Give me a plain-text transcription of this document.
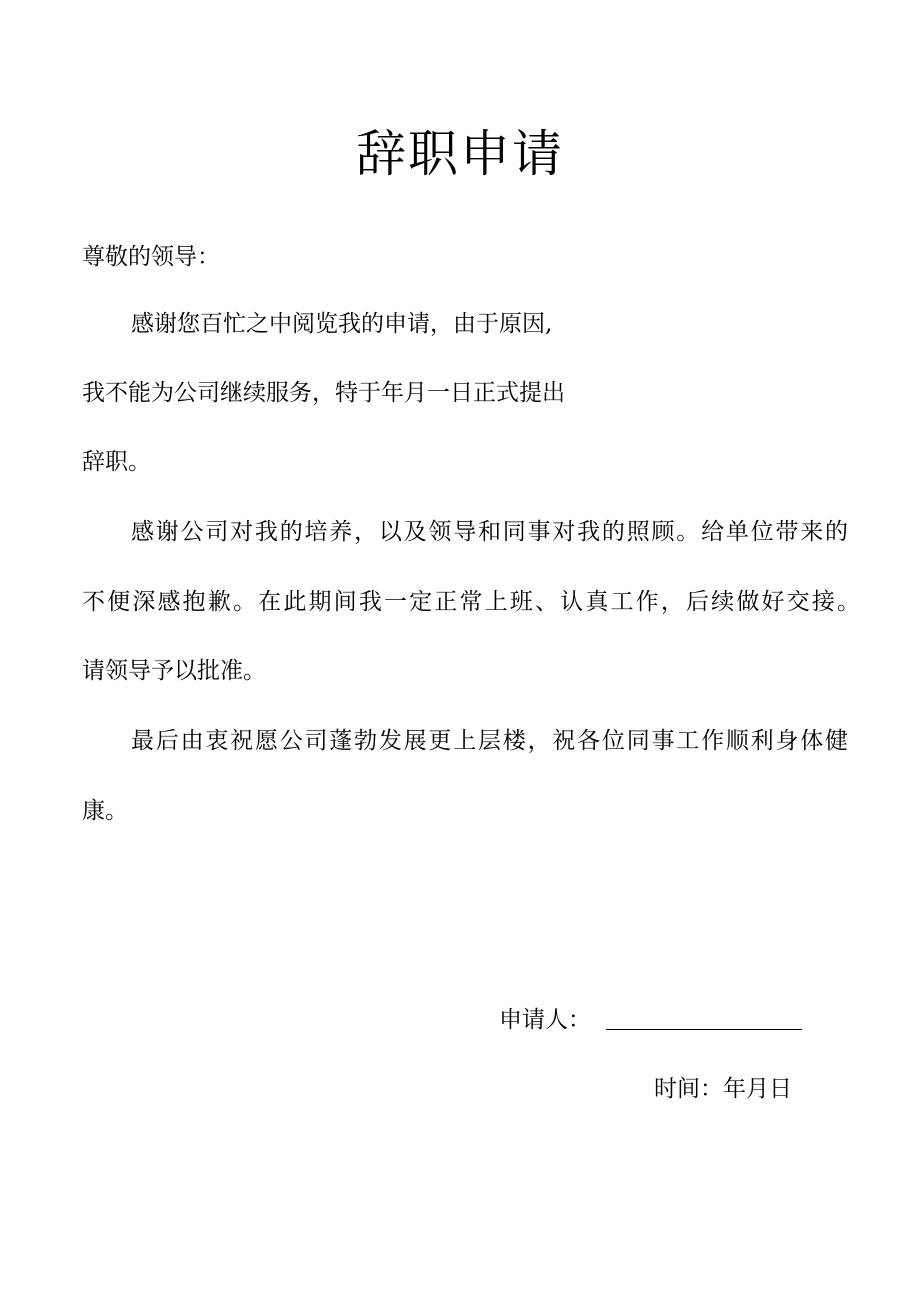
辞职申请

尊敬的领导：

感谢您百忙之中阅览我的申请，由于原因,

我不能为公司继续服务，特于年月一日正式提出

辞职。

感谢公司对我的培养，以及领导和同事对我的照顾。给单位带来的

不便深感抱歉。在此期间我一定正常上班、认真工作，后续做好交接。

请领导予以批准。

最后由衷祝愿公司蓬勃发展更上层楼，祝各位同事工作顺利身体健

康。

申请人：
时间：年月日
